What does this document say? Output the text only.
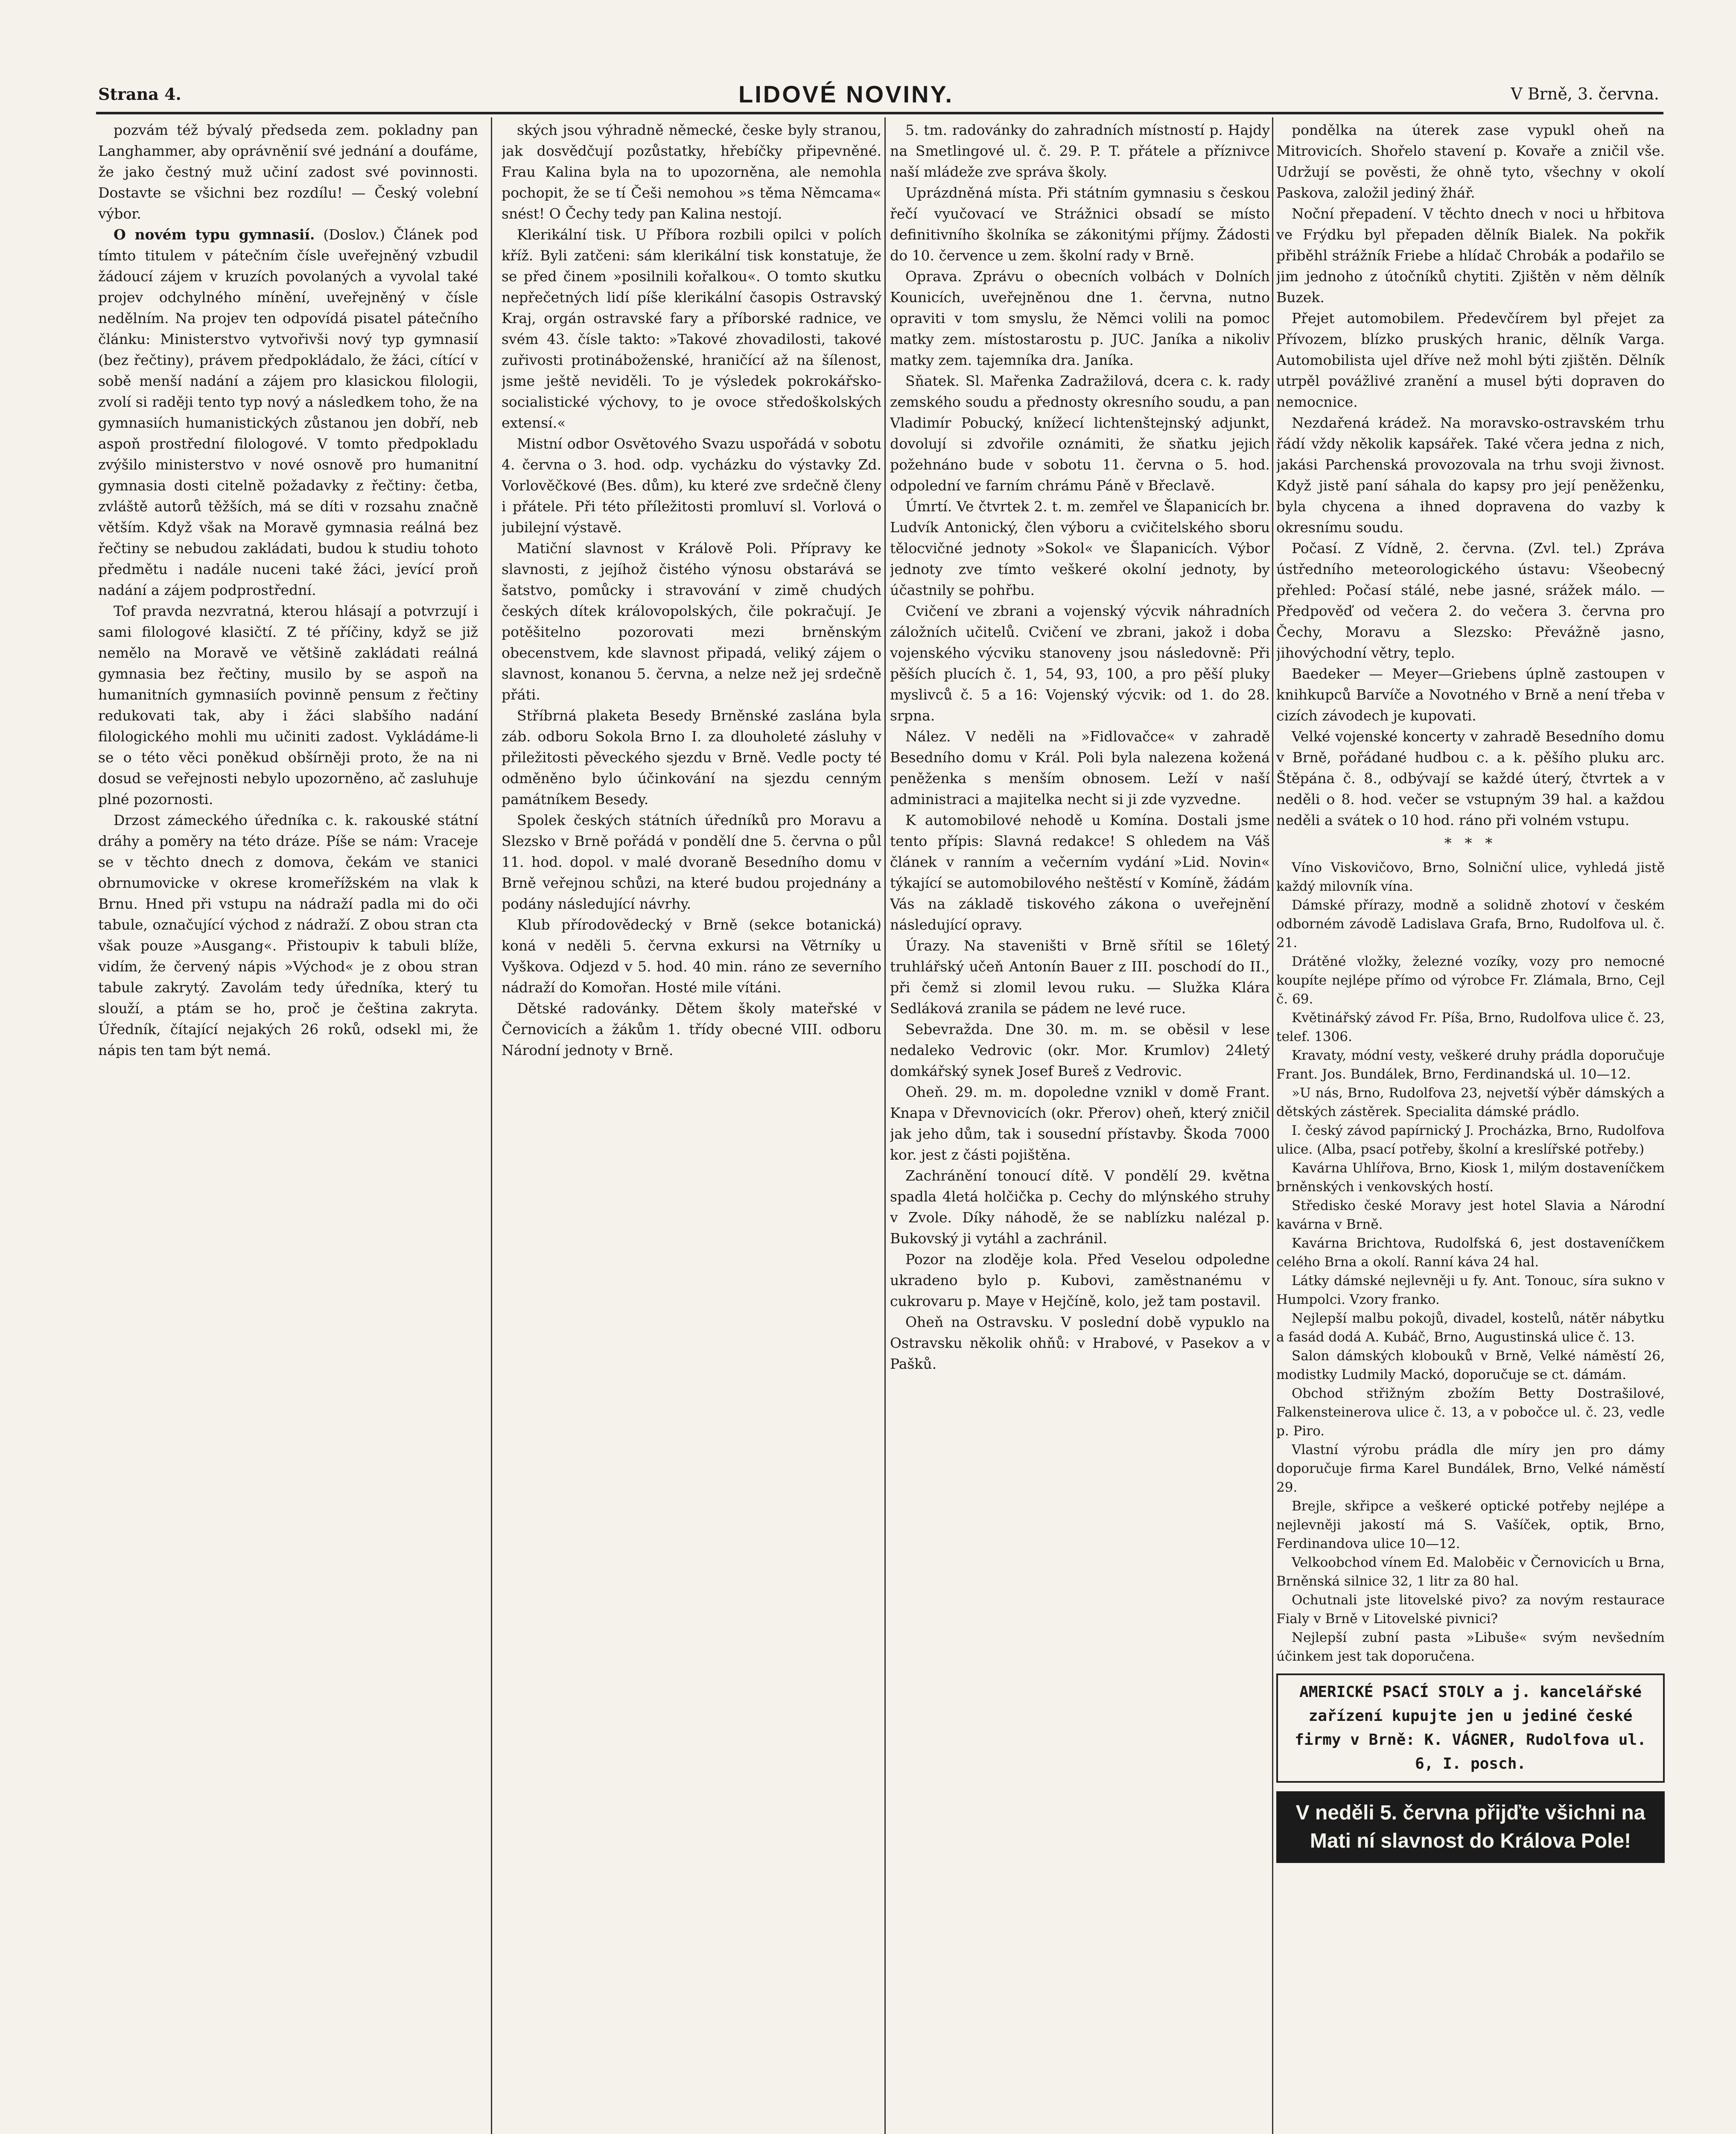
Strana 4.	LIDOVÉ NOVINY.	V Brně, 3. června.

pozvám též bývalý předseda zem. pokladny pan Langhammer, aby oprávněnií své jednání a doufáme, že jako čestný muž učiní zadost své povinnosti. Dostavte se všichni bez rozdílu! — Český volební výbor.

O novém typu gymnasií. (Doslov.) Článek pod tímto titulem v pátečním čísle uveřejněný vzbudil žádoucí zájem v kruzích povolaných a vyvolal také projev odchylného mínění, uveřejněný v čísle nedělním. Na projev ten odpovídá pisatel pátečního článku: Ministerstvo vytvořivši nový typ gymnasií (bez řečtiny), právem předpokládalo, že žáci, cítící v sobě menší nadání a zájem pro klasickou filologii, zvolí si raději tento typ nový a následkem toho, že na gymnasiích humanistických zůstanou jen dobří, neb aspoň prostřední filologové. V tomto předpokladu zvýšilo ministerstvo v nové osnově pro humanitní gymnasia dosti citelně požadavky z řečtiny: četba, zvláště autorů těžších, má se díti v rozsahu značně větším. Když však na Moravě gymnasia reálná bez řečtiny se nebudou zakládati, budou k studiu tohoto předmětu i nadále nuceni také žáci, jevící proň nadání a zájem podprostřední.

Tof pravda nezvratná, kterou hlásají a potvrzují i sami filologové klasičtí. Z té příčiny, když se již nemělo na Moravě ve většině zakládati reálná gymnasia bez řečtiny, musilo by se aspoň na humanitních gymnasiích povinně pensum z řečtiny redukovati tak, aby i žáci slabšího nadání filologického mohli mu učiniti zadost. Vykládáme-li se o této věci poněkud obšírněji proto, že na ni dosud se veřejnosti nebylo upozorněno, ač zasluhuje plné pozornosti.

Drzost zámeckého úředníka c. k. rakouské státní dráhy a poměry na této dráze. Píše se nám: Vraceje se v těchto dnech z domova, čekám ve stanici obrnumovicke v okrese kromeřížském na vlak k Brnu. Hned při vstupu na nádraží padla mi do oči tabule, označující východ z nádraží. Z obou stran cta však pouze »Ausgang«. Přistoupiv k tabuli blíže, vidím, že červený nápis »Východ« je z obou stran tabule zakrytý. Zavolám tedy úředníka, který tu slouží, a ptám se ho, proč je čeština zakryta. Úředník, čítající nejakých 26 roků, odsekl mi, že nápis ten tam být nemá.

ských jsou výhradně německé, česke byly stranou, jak dosvědčují pozůstatky, hřebíčky připevněné. Frau Kalina byla na to upozorněna, ale nemohla pochopit, že se tí Češi nemohou »s těma Němcama« snést! O Čechy tedy pan Kalina nestojí.

Klerikální tisk. U Příbora rozbili opilci v polích kříž. Byli zatčeni: sám klerikální tisk konstatuje, že se před činem »posilnili kořalkou«. O tomto skutku nepřečetných lidí píše klerikální časopis Ostravský Kraj, orgán ostravské fary a příborské radnice, ve svém 43. čísle takto: »Takové zhovadilosti, takové zuřivosti protináboženské, hraničící až na šílenost, jsme ještě neviděli. To je výsledek pokrokářsko-socialistické výchovy, to je ovoce středoškolských extensí.«

Mistní odbor Osvětového Svazu uspořádá v sobotu 4. června o 3. hod. odp. vycházku do výstavky Zd. Vorlověčkové (Bes. dům), ku které zve srdečně členy i přátele. Při této příležitosti promluví sl. Vorlová o jubilejní výstavě.

Matiční slavnost v Králově Poli. Přípravy ke slavnosti, z jejíhož čistého výnosu obstarává se šatstvo, pomůcky i stravování v zimě chudých českých dítek královopolských, čile pokračují. Je potěšitelno pozorovati mezi brněnským obecenstvem, kde slavnost připadá, veliký zájem o slavnost, konanou 5. června, a nelze než jej srdečně přáti.

Stříbrná plaketa Besedy Brněnské zaslána byla záb. odboru Sokola Brno I. za dlouholeté zásluhy v přiležitosti pěveckého sjezdu v Brně. Vedle pocty té odměněno bylo účinkování na sjezdu cenným památníkem Besedy.

Spolek českých státních úředníků pro Moravu a Slezsko v Brně pořádá v pondělí dne 5. června o půl 11. hod. dopol. v malé dvoraně Besedního domu v Brně veřejnou schůzi, na které budou projednány a podány následující návrhy.

Klub přírodovědecký v Brně (sekce botanická) koná v neděli 5. června exkursi na Větrníky u Vyškova. Odjezd v 5. hod. 40 min. ráno ze severního nádraží do Komořan. Hosté mile vítáni.

Dětské radovánky. Dětem školy mateřské v Černovicích a žákům 1. třídy obecné VIII. odboru Národní jednoty v Brně.

5. tm. radovánky do zahradních místností p. Hajdy na Smetlingové ul. č. 29. P. T. přátele a příznivce naší mládeže zve správa školy.

Uprázdněná místa. Při státním gymnasiu s českou řečí vyučovací ve Strážnici obsadí se místo definitivního školníka se zákonitými příjmy. Žádosti do 10. července u zem. školní rady v Brně.

Oprava. Zprávu o obecních volbách v Dolních Kounicích, uveřejněnou dne 1. června, nutno opraviti v tom smyslu, že Němci volili na pomoc matky zem. místostarostu p. JUC. Janíka a nikoliv matky zem. tajemníka dra. Janíka.

Sňatek. Sl. Mařenka Zadražilová, dcera c. k. rady zemského soudu a přednosty okresního soudu, a pan Vladimír Pobucký, knížecí lichtenštejnský adjunkt, dovolují si zdvořile oznámiti, že sňatku jejich požehnáno bude v sobotu 11. června o 5. hod. odpolední ve farním chrámu Páně v Břeclavě.

Úmrtí. Ve čtvrtek 2. t. m. zemřel ve Šlapanicích br. Ludvík Antonický, člen výboru a cvičitelského sboru tělocvičné jednoty »Sokol« ve Šlapanicích. Výbor jednoty zve tímto veškeré okolní jednoty, by účastnily se pohřbu.

Cvičení ve zbrani a vojenský výcvik náhradních záložních učitelů. Cvičení ve zbrani, jakož i doba vojenského výcviku stanoveny jsou následovně: Při pěších plucích č. 1, 54, 93, 100, a pro pěší pluky myslivců č. 5 a 16: Vojenský výcvik: od 1. do 28. srpna.

Nález. V neděli na »Fidlovačce« v zahradě Besedního domu v Král. Poli byla nalezena kožená peněženka s menším obnosem. Leží v naší administraci a majitelka necht si ji zde vyzvedne.

K automobilové nehodě u Komína. Dostali jsme tento přípis: Slavná redakce! S ohledem na Váš článek v ranním a večerním vydání »Lid. Novin« týkající se automobilového neštěstí v Komíně, žádám Vás na základě tiskového zákona o uveřejnění následující opravy.

Úrazy. Na staveništi v Brně sřítil se 16letý truhlářský učeň Antonín Bauer z III. poschodí do II., při čemž si zlomil levou ruku. — Služka Klára Sedláková zranila se pádem ne levé ruce.

Sebevražda. Dne 30. m. m. se oběsil v lese nedaleko Vedrovic (okr. Mor. Krumlov) 24letý domkářský synek Josef Bureš z Vedrovic.

Oheň. 29. m. m. dopoledne vznikl v domě Frant. Knapa v Dřevnovicích (okr. Přerov) oheň, který zničil jak jeho dům, tak i sousední přístavby. Škoda 7000 kor. jest z části pojištěna.

Zachránění tonoucí dítě. V pondělí 29. května spadla 4letá holčička p. Cechy do mlýnského struhy v Zvole. Díky náhodě, že se nablízku nalézal p. Bukovský ji vytáhl a zachránil.

Pozor na zloděje kola. Před Veselou odpoledne ukradeno bylo p. Kubovi, zaměstnanému v cukrovaru p. Maye v Hejčíně, kolo, jež tam postavil.

Oheň na Ostravsku. V poslední době vypuklo na Ostravsku několik ohňů: v Hrabové, v Pasekov a v Pašků.

pondělka na úterek zase vypukl oheň na Mitrovicích. Shořelo stavení p. Kovaře a zničil vše. Udržují se pověsti, že ohně tyto, všechny v okolí Paskova, založil jediný žhář.

Noční přepadení. V těchto dnech v noci u hřbitova ve Frýdku byl přepaden dělník Bialek. Na pokřik přiběhl strážník Friebe a hlídač Chrobák a podařilo se jim jednoho z útočníků chytiti. Zjištěn v něm dělník Buzek.

Přejet automobilem. Předevčírem byl přejet za Přívozem, blízko pruských hranic, dělník Varga. Automobilista ujel dříve než mohl býti zjištěn. Dělník utrpěl povážlivé zranění a musel býti dopraven do nemocnice.

Nezdařená krádež. Na moravsko-ostravském trhu řádí vždy několik kapsářek. Také včera jedna z nich, jakási Parchenská provozovala na trhu svoji živnost. Když jistě paní sáhala do kapsy pro její peněženku, byla chycena a ihned dopravena do vazby k okresnímu soudu.

Počasí. Z Vídně, 2. června. (Zvl. tel.) Zpráva ústředního meteorologického ústavu: Všeobecný přehled: Počasí stálé, nebe jasné, srážek málo. — Předpověď od večera 2. do večera 3. června pro Čechy, Moravu a Slezsko: Převážně jasno, jihovýchodní větry, teplo.

Baedeker — Meyer—Griebens úplně zastoupen v knihkupců Barvíče a Novotného v Brně a není třeba v cizích závodech je kupovati.

Velké vojenské koncerty v zahradě Besedního domu v Brně, pořádané hudbou c. a k. pěšího pluku arc. Štěpána č. 8., odbývají se každé úterý, čtvrtek a v neděli o 8. hod. večer se vstupným 39 hal. a každou neděli a svátek o 10 hod. ráno při volném vstupu.

* * *

Víno Viskovičovo, Brno, Solniční ulice, vyhledá jistě každý milovník vína.

Dámské přírazy, modně a solidně zhotoví v českém odborném závodě Ladislava Grafa, Brno, Rudolfova ul. č. 21.

Drátěné vložky, železné vozíky, vozy pro nemocné koupíte nejlépe přímo od výrobce Fr. Zlámala, Brno, Cejl č. 69.

Květinářský závod Fr. Píša, Brno, Rudolfova ulice č. 23, telef. 1306.

Kravaty, módní vesty, veškeré druhy prádla doporučuje Frant. Jos. Bundálek, Brno, Ferdinandská ul. 10—12.

»U nás, Brno, Rudolfova 23, nejvetší výběr dámských a dětských zástěrek. Specialita dámské prádlo.

I. český závod papírnický J. Procházka, Brno, Rudolfova ulice. (Alba, psací potřeby, školní a kreslířské potřeby.)

Kavárna Uhlířova, Brno, Kiosk 1, milým dostaveníčkem brněnských i venkovských hostí.

Středisko české Moravy jest hotel Slavia a Národní kavárna v Brně.

Kavárna Brichtova, Rudolfská 6, jest dostaveníčkem celého Brna a okolí. Ranní káva 24 hal.

Látky dámské nejlevněji u fy. Ant. Tonouc, síra sukno v Humpolci. Vzory franko.

Nejlepší malbu pokojů, divadel, kostelů, nátěr nábytku a fasád dodá A. Kubáč, Brno, Augustinská ulice č. 13.

Salon dámských klobouků v Brně, Velké náměstí 26, modistky Ludmily Mackó, doporučuje se ct. dámám.

Obchod střižným zbožím Betty Dostrašilové, Falkensteinerova ulice č. 13, a v pobočce ul. č. 23, vedle p. Piro.

Vlastní výrobu prádla dle míry jen pro dámy doporučuje firma Karel Bundálek, Brno, Velké náměstí 29.

Brejle, skřipce a veškeré optické potřeby nejlépe a nejlevněji jakostí má S. Vašíček, optik, Brno, Ferdinandova ulice 10—12.

Velkoobchod vínem Ed. Maloběic v Černovicích u Brna, Brněnská silnice 32, 1 litr za 80 hal.

Ochutnali jste litovelské pivo? za novým restaurace Fialy v Brně v Litovelské pivnici?

Nejlepší zubní pasta »Libuše« svým nevšedním účinkem jest tak doporučena.

AMERICKÉ PSACÍ STOLY a j. kancelářské zařízení kupujte jen u jediné české firmy v Brně: K. VÁGNER, Rudolfova ul. 6, I. posch.
V neděli 5. června přijďte všichni na Mati ní slavnost do Králova Pole!
